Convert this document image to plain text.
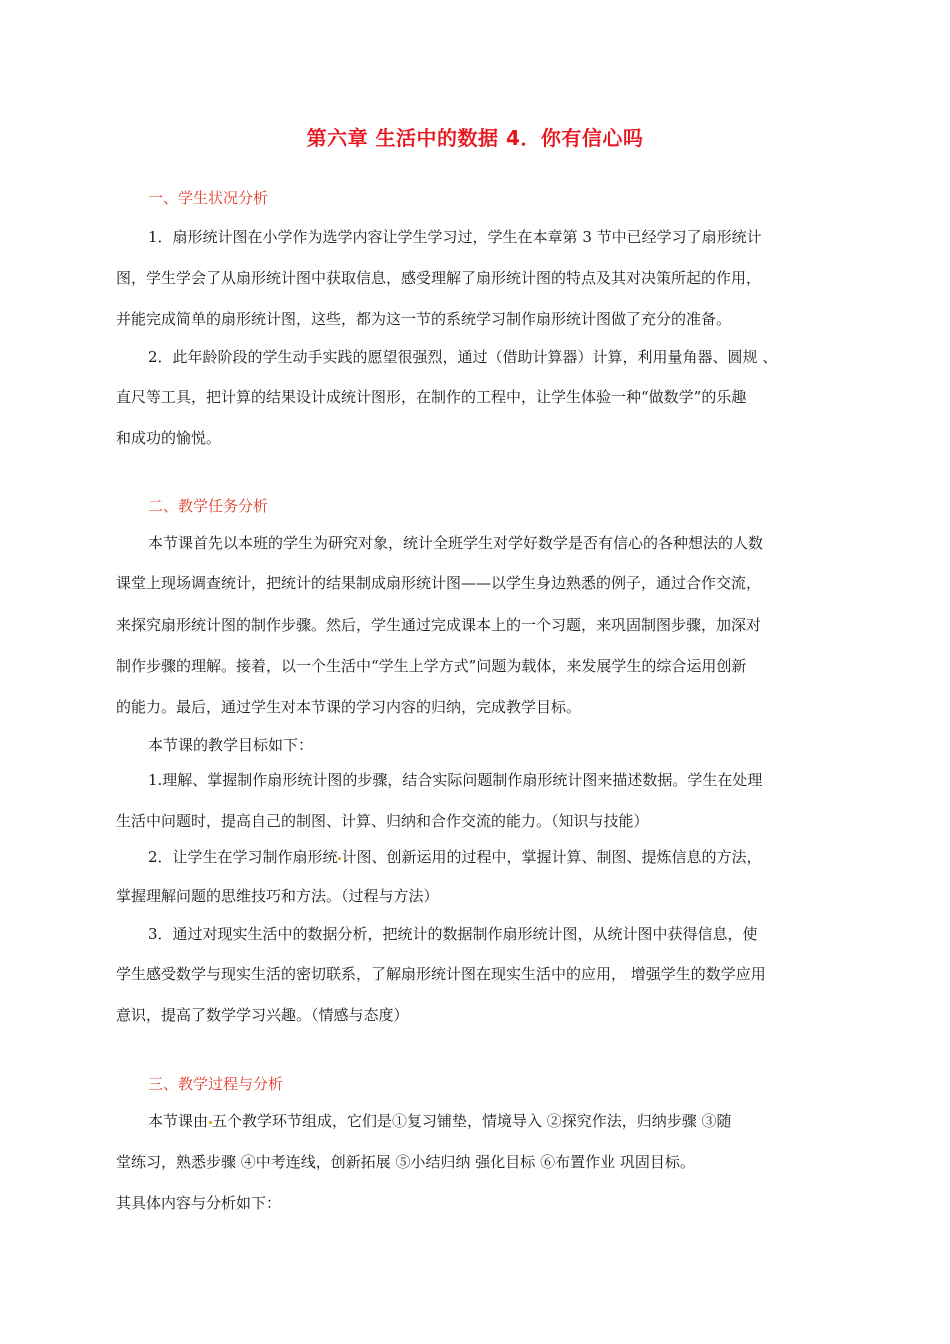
第六章 生活中的数据 4．你有信心吗
一、学生状况分析
1．扇形统计图在小学作为选学内容让学生学习过，学生在本章第 3 节中已经学习了扇形统计
图，学生学会了从扇形统计图中获取信息，感受理解了扇形统计图的特点及其对决策所起的作用，
并能完成简单的扇形统计图，这些，都为这一节的系统学习制作扇形统计图做了充分的准备。
2．此年龄阶段的学生动手实践的愿望很强烈，通过（借助计算器）计算，利用量角器、圆规 、
直尺等工具，把计算的结果设计成统计图形，在制作的工程中，让学生体验一种“做数学”的乐趣
和成功的愉悦。
二、教学任务分析
本节课首先以本班的学生为研究对象，统计全班学生对学好数学是否有信心的各种想法的人数
课堂上现场调查统计，把统计的结果制成扇形统计图——以学生身边熟悉的例子，通过合作交流，
来探究扇形统计图的制作步骤。然后，学生通过完成课本上的一个习题，来巩固制图步骤，加深对
制作步骤的理解。接着，以一个生活中“学生上学方式”问题为载体，来发展学生的综合运用创新
的能力。最后，通过学生对本节课的学习内容的归纳，完成教学目标。
本节课的教学目标如下：
1.理解、掌握制作扇形统计图的步骤，结合实际问题制作扇形统计图来描述数据。学生在处理
生活中问题时，提高自己的制图、计算、归纳和合作交流的能力。（知识与技能）
2．让学生在学习制作扇形统 计图、创新运用的过程中，掌握计算、制图、提炼信息的方法，
掌握理解问题的思维技巧和方法。（过程与方法）
3．通过对现实生活中的数据分析，把统计的数据制作扇形统计图，从统计图中获得信息，使
学生感受数学与现实生活的密切联系，了解扇形统计图在现实生活中的应用， 增强学生的数学应用
意识，提高了数学学习兴趣。（情感与态度）
三、教学过程与分析
本节课由 五个教学环节组成，它们是①复习铺垫，情境导入 ②探究作法，归纳步骤 ③随
堂练习，熟悉步骤 ④中考连线，创新拓展 ⑤小结归纳 强化目标 ⑥布置作业 巩固目标。
其具体内容与分析如下：
